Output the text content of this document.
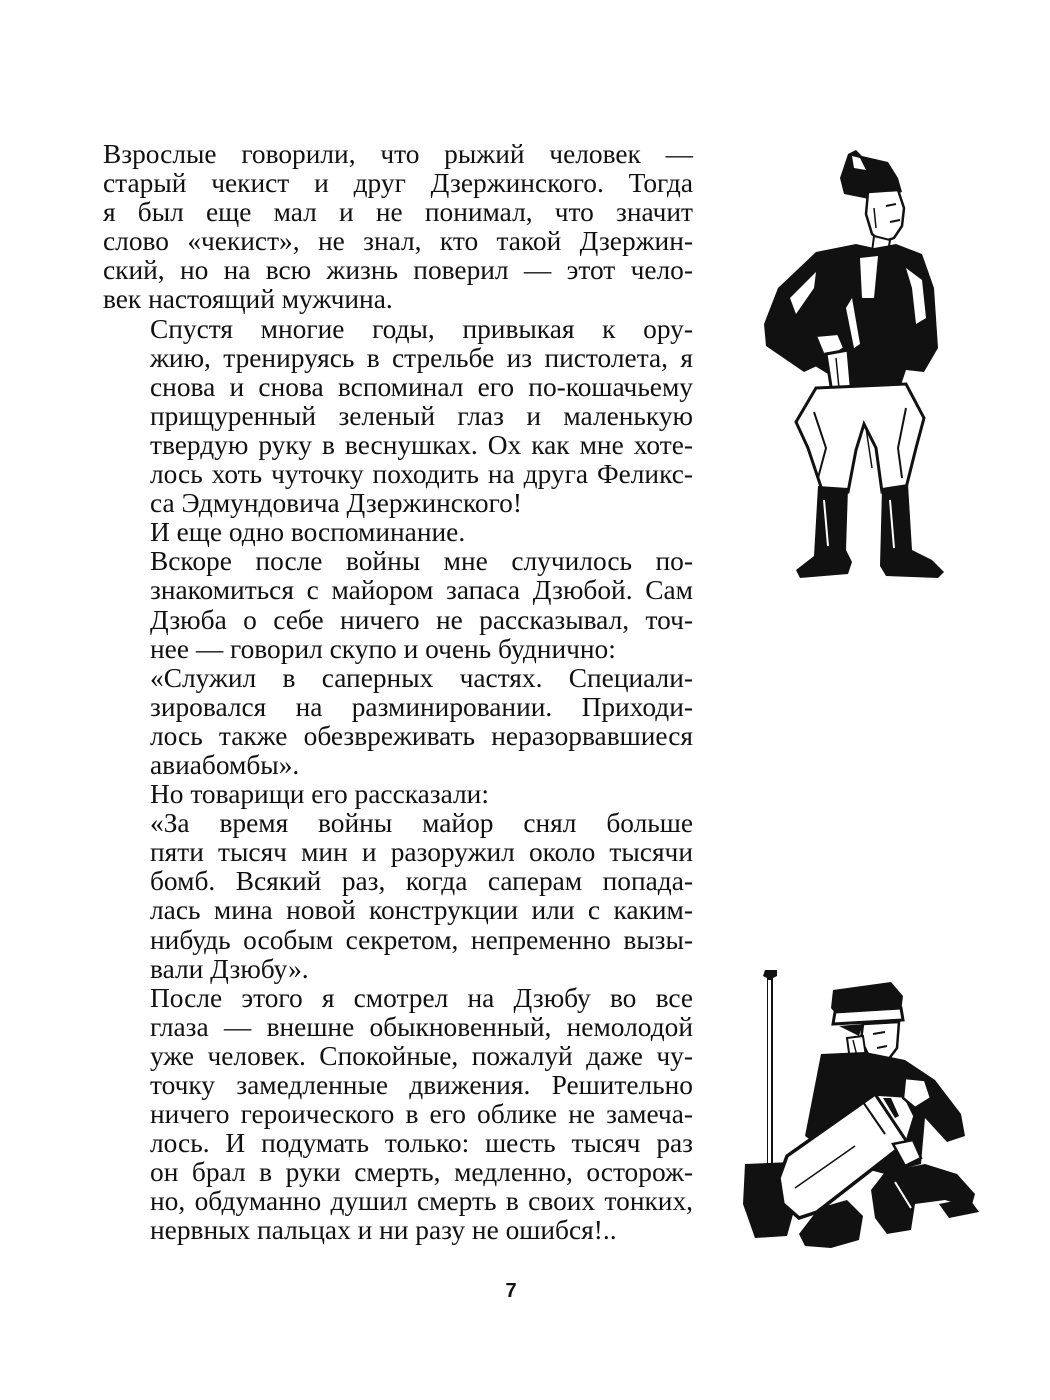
Взрослые говорили, что рыжий человек —
старый чекист и друг Дзержинского. Тогда
я был еще мал и не понимал, что значит
слово «чекист», не знал, кто такой Дзержин-
ский, но на всю жизнь поверил — этот чело-
век настоящий мужчина.

Спустя многие годы, привыкая к ору-
жию, тренируясь в стрельбе из пистолета, я
снова и снова вспоминал его по-кошачьему
прищуренный зеленый глаз и маленькую
твердую руку в веснушках. Ох как мне хоте-
лось хоть чуточку походить на друга Феликс-
са Эдмундовича Дзержинского!

И еще одно воспоминание.

Вскоре после войны мне случилось по-
знакомиться с майором запаса Дзюбой. Сам
Дзюба о себе ничего не рассказывал, точ-
нее — говорил скупо и очень буднично:

«Служил в саперных частях. Специали-
зировался на разминировании. Приходи-
лось также обезвреживать неразорвавшиеся
авиабомбы».

Но товарищи его рассказали:

«За время войны майор снял больше
пяти тысяч мин и разоружил около тысячи
бомб. Всякий раз, когда саперам попада-
лась мина новой конструкции или с каким-
нибудь особым секретом, непременно вызы-
вали Дзюбу».

После этого я смотрел на Дзюбу во все
глаза — внешне обыкновенный, немолодой
уже человек. Спокойные, пожалуй даже чу-
точку замедленные движения. Решительно
ничего героического в его облике не замеча-
лось. И подумать только: шесть тысяч раз
он брал в руки смерть, медленно, осторож-
но, обдуманно душил смерть в своих тонких,
нервных пальцах и ни разу не ошибся!..

7
